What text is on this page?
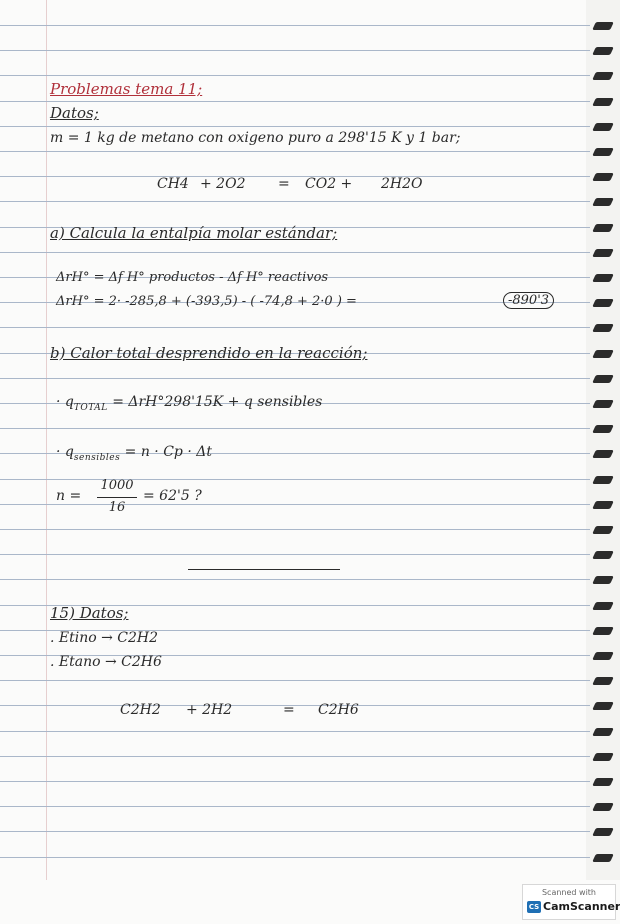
Problemas tema 11;
Datos;
m = 1 kg de metano con oxigeno puro a 298'15 K y 1 bar;
CH4 + 2O2 = CO2 + 2H2O
a) Calcula la entalpía molar estándar;
ΔrH° = Δf H° productos - Δf H° reactivos
ΔrH° = 2· -285,8 + (-393,5) - ( -74,8 + 2·0 ) =	-890'3
b) Calor total desprendido en la reacción;
· $q_{TOTAL} = \Delta rH^\circ 298'15K + q$ sensibles
· $q_{sensibles} = n \cdot Cp \cdot \Delta t$
n =
1000
16
= 62'5 ?
15) Datos;
. Etino → C2H2
. Etano → C2H6
C2H2 + 2H2	= C2H6
Scanned with
CS CamScanner
